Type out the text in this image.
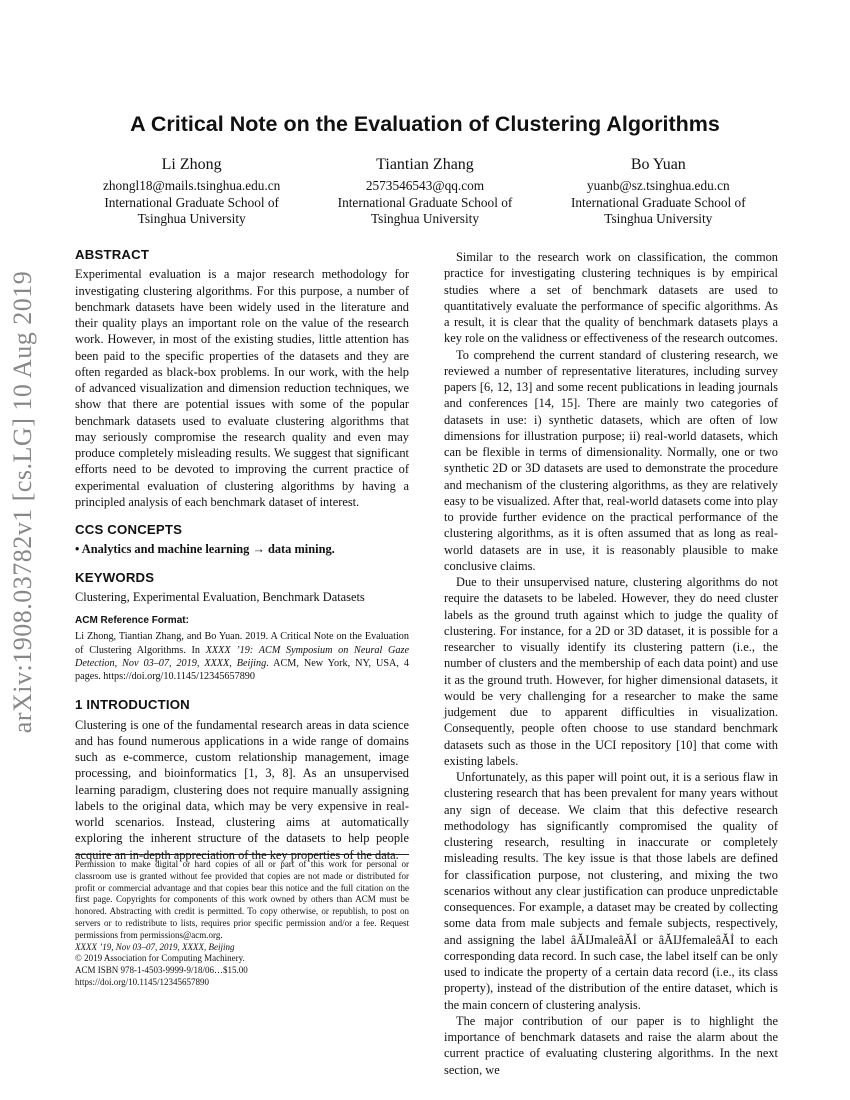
arXiv:1908.03782v1 [cs.LG] 10 Aug 2019
A Critical Note on the Evaluation of Clustering Algorithms
Li Zhong
zhongl18@mails.tsinghua.edu.cn
International Graduate School of
Tsinghua University
Tiantian Zhang
2573546543@qq.com
International Graduate School of
Tsinghua University
Bo Yuan
yuanb@sz.tsinghua.edu.cn
International Graduate School of
Tsinghua University
ABSTRACT

Experimental evaluation is a major research methodology for investigating clustering algorithms. For this purpose, a number of benchmark datasets have been widely used in the literature and their quality plays an important role on the value of the research work. However, in most of the existing studies, little attention has been paid to the specific properties of the datasets and they are often regarded as black-box problems. In our work, with the help of advanced visualization and dimension reduction techniques, we show that there are potential issues with some of the popular benchmark datasets used to evaluate clustering algorithms that may seriously compromise the research quality and even may produce completely misleading results. We suggest that significant efforts need to be devoted to improving the current practice of experimental evaluation of clustering algorithms by having a principled analysis of each benchmark dataset of interest.

CCS CONCEPTS

• Analytics and machine learning → data mining.

KEYWORDS

Clustering, Experimental Evaluation, Benchmark Datasets

ACM Reference Format:

Li Zhong, Tiantian Zhang, and Bo Yuan. 2019. A Critical Note on the Evaluation of Clustering Algorithms. In XXXX ’19: ACM Symposium on Neural Gaze Detection, Nov 03–07, 2019, XXXX, Beijing. ACM, New York, NY, USA, 4 pages. https://doi.org/10.1145/12345657890

1 INTRODUCTION

Clustering is one of the fundamental research areas in data science and has found numerous applications in a wide range of domains such as e-commerce, custom relationship management, image processing, and bioinformatics [1, 3, 8]. As an unsupervised learning paradigm, clustering does not require manually assigning labels to the original data, which may be very expensive in real-world scenarios. Instead, clustering aims at automatically exploring the inherent structure of the datasets to help people acquire an in-depth appreciation of the key properties of the data.

Permission to make digital or hard copies of all or part of this work for personal or classroom use is granted without fee provided that copies are not made or distributed for profit or commercial advantage and that copies bear this notice and the full citation on the first page. Copyrights for components of this work owned by others than ACM must be honored. Abstracting with credit is permitted. To copy otherwise, or republish, to post on servers or to redistribute to lists, requires prior specific permission and/or a fee. Request permissions from permissions@acm.org.

XXXX ’19, Nov 03–07, 2019, XXXX, Beijing
© 2019 Association for Computing Machinery.
ACM ISBN 978-1-4503-9999-9/18/06…$15.00
https://doi.org/10.1145/12345657890

Similar to the research work on classification, the common practice for investigating clustering techniques is by empirical studies where a set of benchmark datasets are used to quantitatively evaluate the performance of specific algorithms. As a result, it is clear that the quality of benchmark datasets plays a key role on the validness or effectiveness of the research outcomes.

To comprehend the current standard of clustering research, we reviewed a number of representative literatures, including survey papers [6, 12, 13] and some recent publications in leading journals and conferences [14, 15]. There are mainly two categories of datasets in use: i) synthetic datasets, which are often of low dimensions for illustration purpose; ii) real-world datasets, which can be flexible in terms of dimensionality. Normally, one or two synthetic 2D or 3D datasets are used to demonstrate the procedure and mechanism of the clustering algorithms, as they are relatively easy to be visualized. After that, real-world datasets come into play to provide further evidence on the practical performance of the clustering algorithms, as it is often assumed that as long as real-world datasets are in use, it is reasonably plausible to make conclusive claims.

Due to their unsupervised nature, clustering algorithms do not require the datasets to be labeled. However, they do need cluster labels as the ground truth against which to judge the quality of clustering. For instance, for a 2D or 3D dataset, it is possible for a researcher to visually identify its clustering pattern (i.e., the number of clusters and the membership of each data point) and use it as the ground truth. However, for higher dimensional datasets, it would be very challenging for a researcher to make the same judgement due to apparent difficulties in visualization. Consequently, people often choose to use standard benchmark datasets such as those in the UCI repository [10] that come with existing labels.

Unfortunately, as this paper will point out, it is a serious flaw in clustering research that has been prevalent for many years without any sign of decease. We claim that this defective research methodology has significantly compromised the quality of clustering research, resulting in inaccurate or completely misleading results. The key issue is that those labels are defined for classification purpose, not clustering, and mixing the two scenarios without any clear justification can produce unpredictable consequences. For example, a dataset may be created by collecting some data from male subjects and female subjects, respectively, and assigning the label âĂIJmaleâĂİ or âĂIJfemaleâĂİ to each corresponding data record. In such case, the label itself can be only used to indicate the property of a certain data record (i.e., its class property), instead of the distribution of the entire dataset, which is the main concern of clustering analysis.

The major contribution of our paper is to highlight the importance of benchmark datasets and raise the alarm about the current practice of evaluating clustering algorithms. In the next section, we
